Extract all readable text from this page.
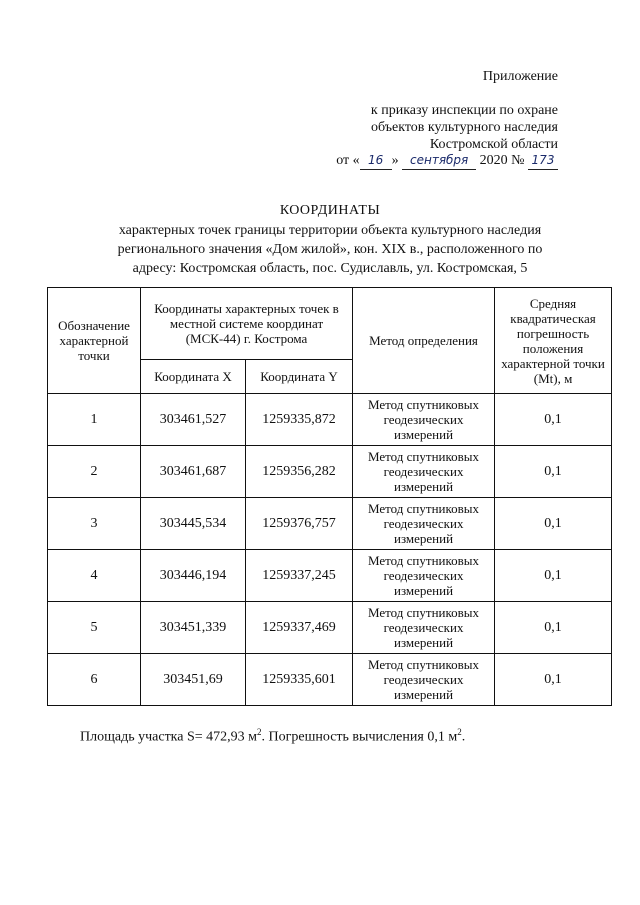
Приложение
к приказу инспекции по охране
объектов культурного наследия
Костромской области
от « 16 » сентября 2020 № 173
КООРДИНАТЫ
характерных точек границы территории объекта культурного наследия
регионального значения «Дом жилой», кон. XIX в., расположенного по
адресу: Костромская область, пос. Судиславль, ул. Костромская, 5
Обозначение характерной точки	Координаты характерных точек в местной системе координат (МСК-44) г. Кострома		Метод определения	Средняя квадратическая погрешность положения характерной точки (Mt), м
	Координата X	Координата Y		
1	303461,527	1259335,872	Метод спутниковых геодезических измерений	0,1
2	303461,687	1259356,282	Метод спутниковых геодезических измерений	0,1
3	303445,534	1259376,757	Метод спутниковых геодезических измерений	0,1
4	303446,194	1259337,245	Метод спутниковых геодезических измерений	0,1
5	303451,339	1259337,469	Метод спутниковых геодезических измерений	0,1
6	303451,69	1259335,601	Метод спутниковых геодезических измерений	0,1
Площадь участка S= 472,93 $м^2$. Погрешность вычисления 0,1 $м^2$.
